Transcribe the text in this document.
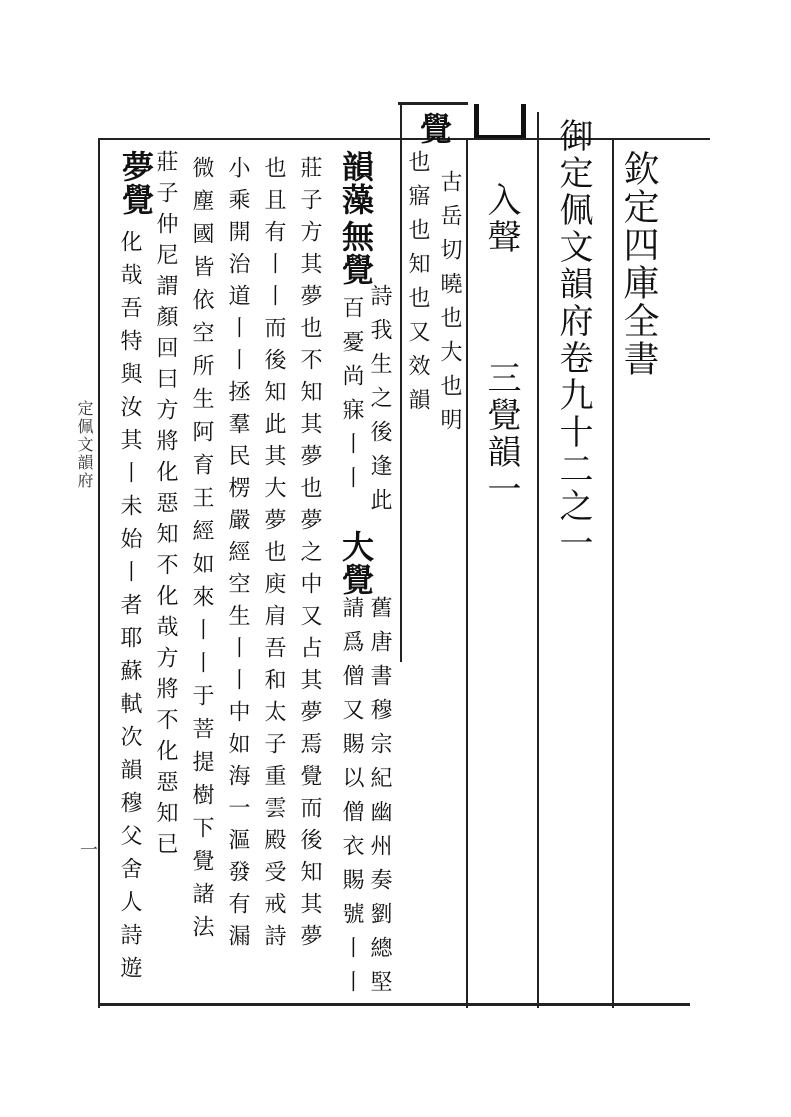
欽定四庫全書
御定佩文韻府卷九十二之一
入聲
三覺韻一
覺
古岳切曉也大也明
也寤也知也又效韻
韻藻
無覺
詩我生之後逢此
百憂尚寐丨丨
大覺
舊唐書穆宗紀幽州奏劉總堅
請爲僧又賜以僧衣賜號丨丨
莊子方其夢也不知其夢也夢之中又占其夢焉覺而後知其夢
也且有丨丨而後知此其大夢也庾肩吾和太子重雲殿受戒詩
小乘開治道丨丨拯羣民楞嚴經空生丨丨中如海一漚發有漏
微塵國皆依空所生阿育王經如來丨丨于菩提樹下覺諸法
夢覺
莊子仲尼謂顏回曰方將化惡知不化哉方將不化惡知已
化哉吾特與汝其丨未始丨者耶蘇軾次韻穆父舍人詩遊
定佩文韻府
一
